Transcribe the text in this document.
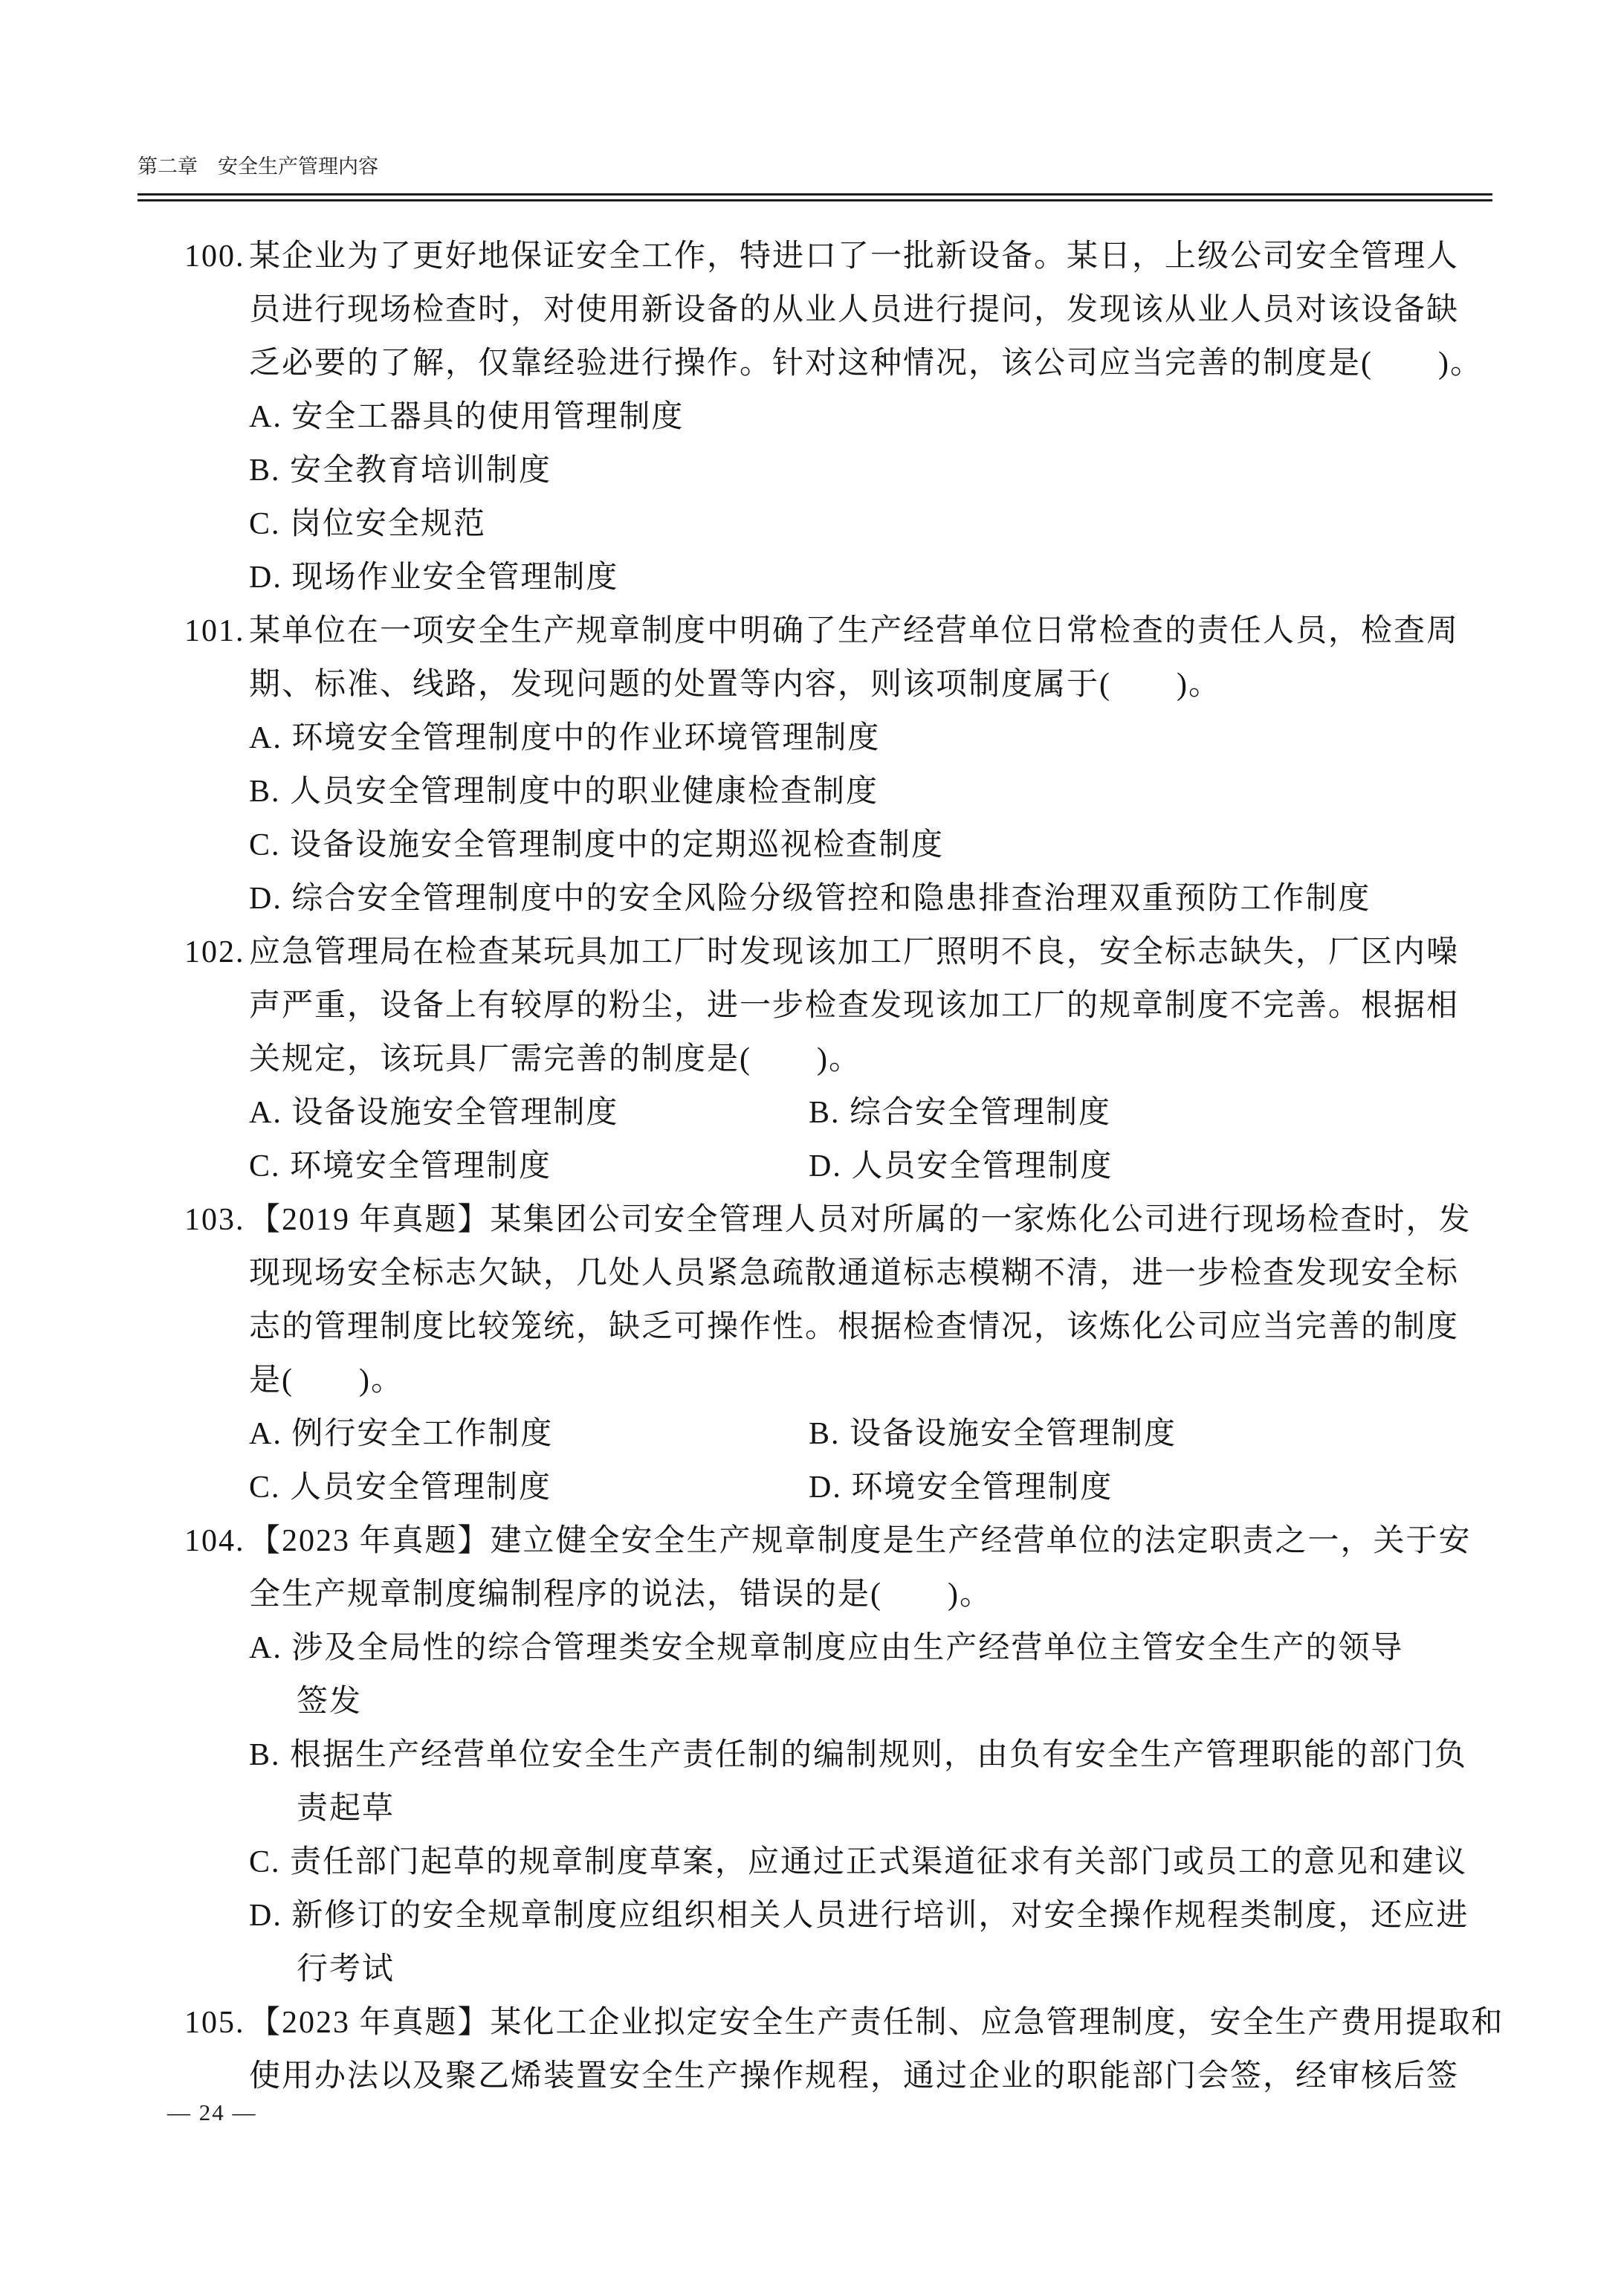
第二章 安全生产管理内容
100. 某企业为了更好地保证安全工作，特进口了一批新设备。某日，上级公司安全管理人
员进行现场检查时，对使用新设备的从业人员进行提问，发现该从业人员对该设备缺
乏必要的了解，仅靠经验进行操作。针对这种情况，该公司应当完善的制度是(　　)。
A. 安全工器具的使用管理制度
B. 安全教育培训制度
C. 岗位安全规范
D. 现场作业安全管理制度
101. 某单位在一项安全生产规章制度中明确了生产经营单位日常检查的责任人员，检查周
期、标准、线路，发现问题的处置等内容，则该项制度属于(　　)。
A. 环境安全管理制度中的作业环境管理制度
B. 人员安全管理制度中的职业健康检查制度
C. 设备设施安全管理制度中的定期巡视检查制度
D. 综合安全管理制度中的安全风险分级管控和隐患排查治理双重预防工作制度
102. 应急管理局在检查某玩具加工厂时发现该加工厂照明不良，安全标志缺失，厂区内噪
声严重，设备上有较厚的粉尘，进一步检查发现该加工厂的规章制度不完善。根据相
关规定，该玩具厂需完善的制度是(　　)。
A. 设备设施安全管理制度	B. 综合安全管理制度
C. 环境安全管理制度	D. 人员安全管理制度
103. 【2019 年真题】某集团公司安全管理人员对所属的一家炼化公司进行现场检查时，发
现现场安全标志欠缺，几处人员紧急疏散通道标志模糊不清，进一步检查发现安全标
志的管理制度比较笼统，缺乏可操作性。根据检查情况，该炼化公司应当完善的制度
是(　　)。
A. 例行安全工作制度	B. 设备设施安全管理制度
C. 人员安全管理制度	D. 环境安全管理制度
104. 【2023 年真题】建立健全安全生产规章制度是生产经营单位的法定职责之一，关于安
全生产规章制度编制程序的说法，错误的是(　　)。
A. 涉及全局性的综合管理类安全规章制度应由生产经营单位主管安全生产的领导
签发
B. 根据生产经营单位安全生产责任制的编制规则，由负有安全生产管理职能的部门负
责起草
C. 责任部门起草的规章制度草案，应通过正式渠道征求有关部门或员工的意见和建议
D. 新修订的安全规章制度应组织相关人员进行培训，对安全操作规程类制度，还应进
行考试
105. 【2023 年真题】某化工企业拟定安全生产责任制、应急管理制度，安全生产费用提取和
使用办法以及聚乙烯装置安全生产操作规程，通过企业的职能部门会签，经审核后签
— 24 —
